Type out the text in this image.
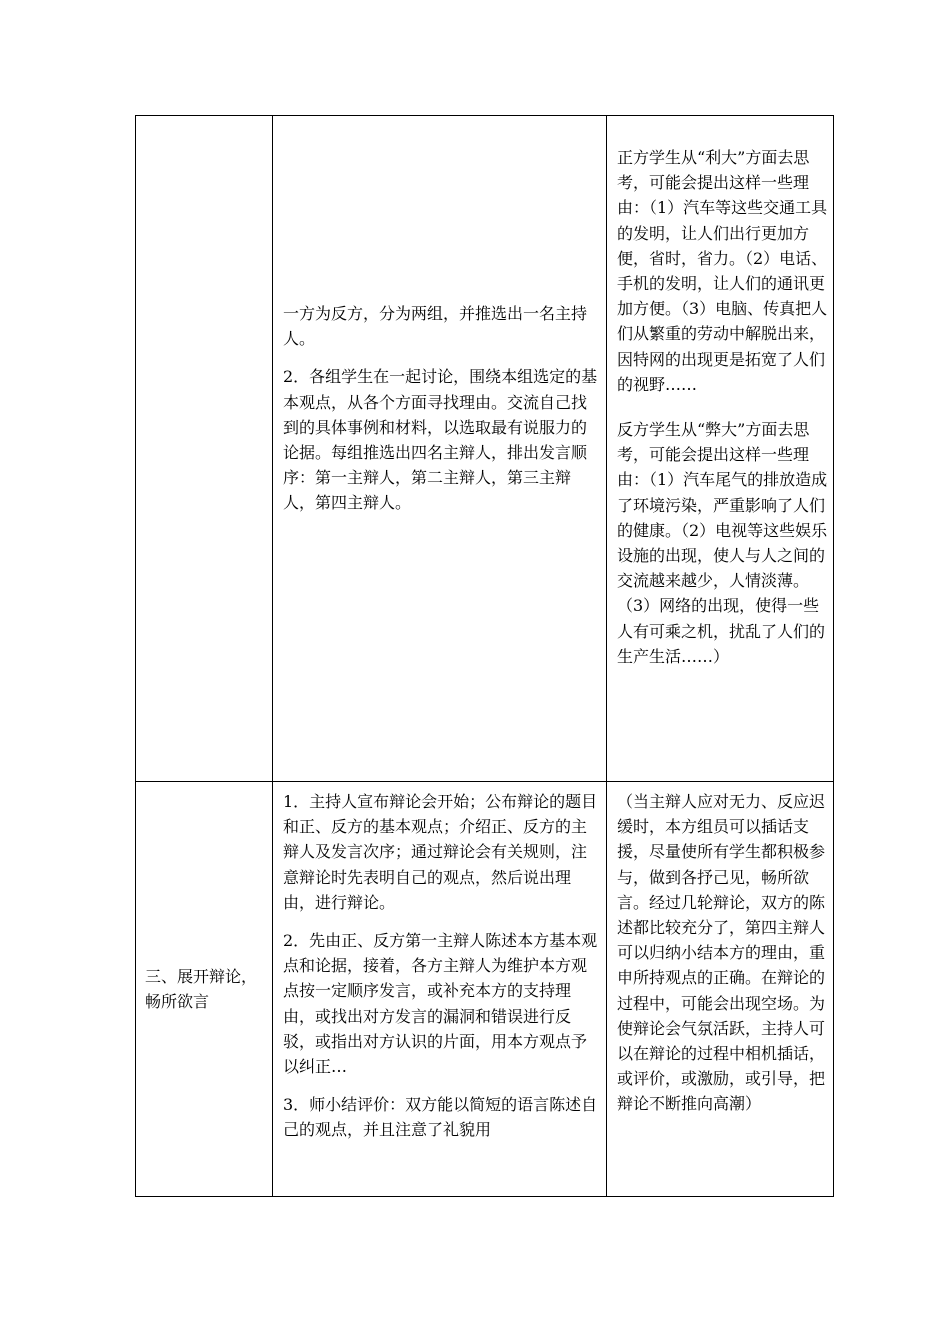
	一方为反方，分为两组，并推选出一名主持人。
2．各组学生在一起讨论，围绕本组选定的基本观点，从各个方面寻找理由。交流自己找到的具体事例和材料，以选取最有说服力的论据。每组推选出四名主辩人，排出发言顺序：第一主辩人，第二主辩人，第三主辩人，第四主辩人。	正方学生从“利大”方面去思考，可能会提出这样一些理由：（1）汽车等这些交通工具的发明，让人们出行更加方便，省时，省力。（2）电话、手机的发明，让人们的通讯更加方便。（3）电脑、传真把人们从繁重的劳动中解脱出来，因特网的出现更是拓宽了人们的视野……
反方学生从“弊大”方面去思考，可能会提出这样一些理由：（1）汽车尾气的排放造成了环境污染，严重影响了人们的健康。（2）电视等这些娱乐设施的出现，使人与人之间的交流越来越少，人情淡薄。（3）网络的出现，使得一些人有可乘之机，扰乱了人们的生产生活……）

三、展开辩论，畅所欲言	1．主持人宣布辩论会开始；公布辩论的题目和正、反方的基本观点；介绍正、反方的主辩人及发言次序；通过辩论会有关规则，注意辩论时先表明自己的观点，然后说出理由，进行辩论。
2．先由正、反方第一主辩人陈述本方基本观点和论据，接着，各方主辩人为维护本方观点按一定顺序发言，或补充本方的支持理由，或找出对方发言的漏洞和错误进行反驳，或指出对方认识的片面，用本方观点予以纠正…
3．师小结评价：双方能以简短的语言陈述自己的观点，并且注意了礼貌用	（当主辩人应对无力、反应迟缓时，本方组员可以插话支援，尽量使所有学生都积极参与，做到各抒己见，畅所欲言。经过几轮辩论，双方的陈述都比较充分了，第四主辩人可以归纳小结本方的理由，重申所持观点的正确。在辩论的过程中，可能会出现空场。为使辩论会气氛活跃，主持人可以在辩论的过程中相机插话，或评价，或激励，或引导，把辩论不断推向高潮）
